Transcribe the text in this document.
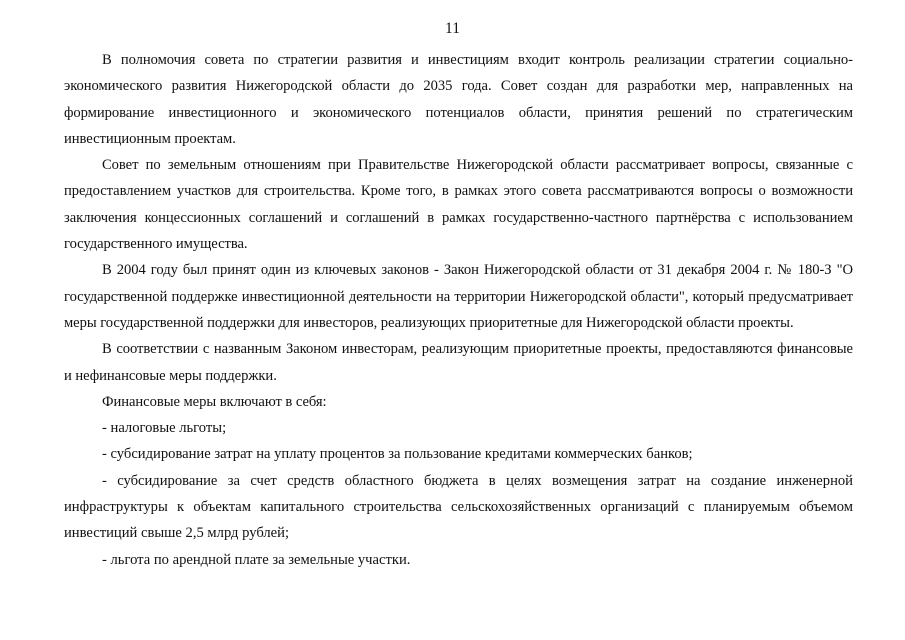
11

В полномочия совета по стратегии развития и инвестициям входит контроль реализации стратегии социально-экономического развития Нижегородской области до 2035 года. Совет создан для разработки мер, направленных на формирование инвестиционного и экономического потенциалов области, принятия решений по стратегическим инвестиционным проектам.

Совет по земельным отношениям при Правительстве Нижегородской области рассматривает вопросы, связанные с предоставлением участков для строительства. Кроме того, в рамках этого совета рассматриваются вопросы о возможности заключения концессионных соглашений и соглашений в рамках государственно-частного партнёрства с использованием государственного имущества.

В 2004 году был принят один из ключевых законов - Закон Нижегородской области от 31 декабря 2004 г. № 180-З "О государственной поддержке инвестиционной деятельности на территории Нижегородской области", который предусматривает меры государственной поддержки для инвесторов, реализующих приоритетные для Нижегородской области проекты.

В соответствии с названным Законом инвесторам, реализующим приоритетные проекты, предоставляются финансовые и нефинансовые меры поддержки.

Финансовые меры включают в себя:

- налоговые льготы;

- субсидирование затрат на уплату процентов за пользование кредитами коммерческих банков;

- субсидирование за счет средств областного бюджета в целях возмещения затрат на создание инженерной инфраструктуры к объектам капитального строительства сельскохозяйственных организаций с планируемым объемом инвестиций свыше 2,5 млрд рублей;

- льгота по арендной плате за земельные участки.
